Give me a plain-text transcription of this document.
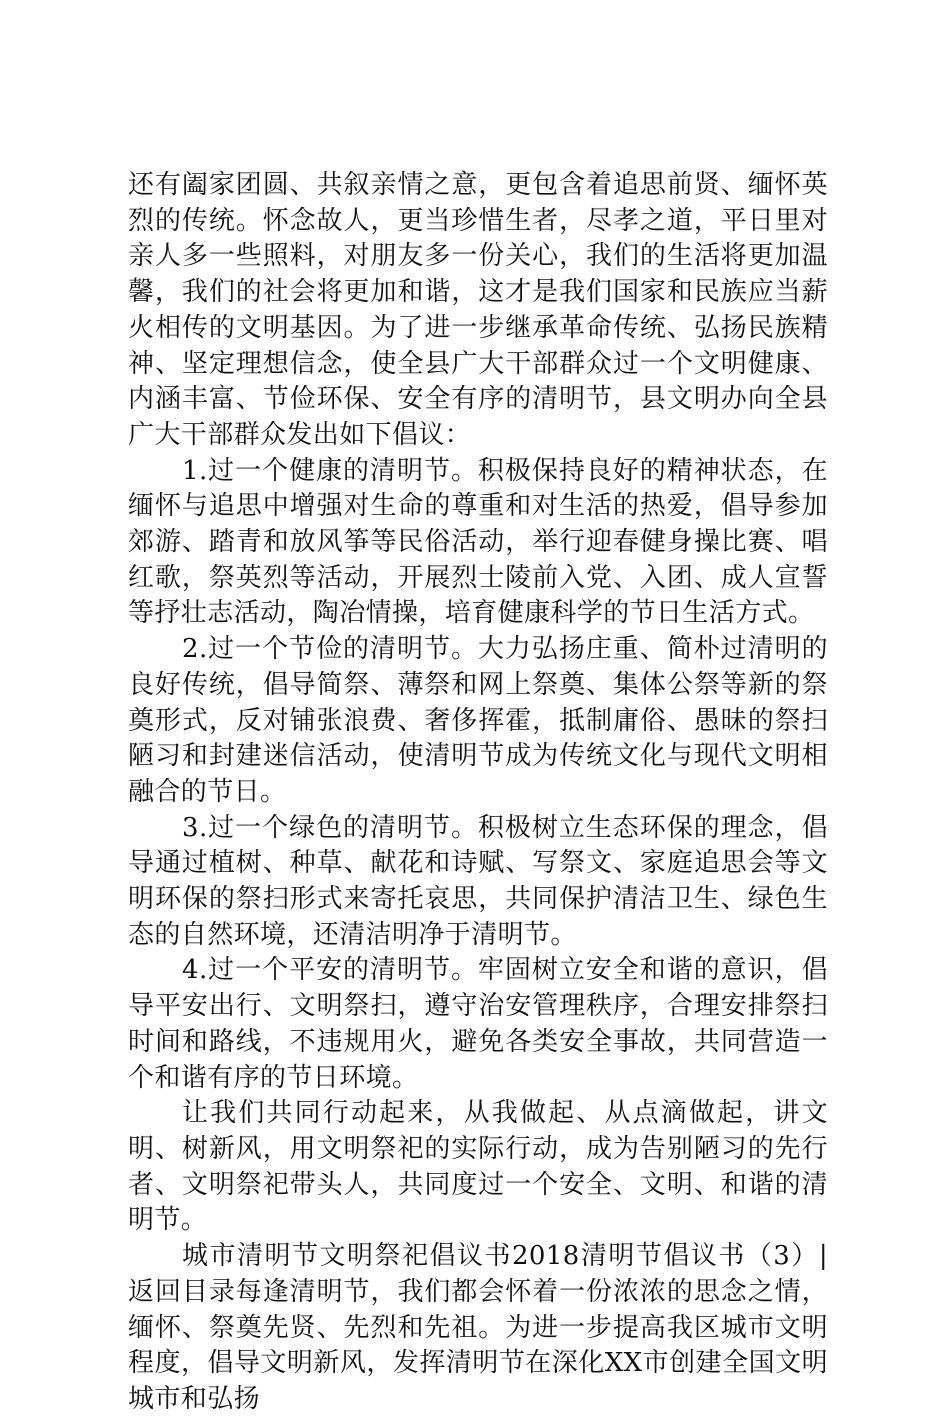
还有阖家团圆、共叙亲情之意，更包含着追思前贤、缅怀英烈的传统。怀念故人，更当珍惜生者，尽孝之道，平日里对亲人多一些照料，对朋友多一份关心，我们的生活将更加温馨，我们的社会将更加和谐，这才是我们国家和民族应当薪火相传的文明基因。为了进一步继承革命传统、弘扬民族精神、坚定理想信念，使全县广大干部群众过一个文明健康、内涵丰富、节俭环保、安全有序的清明节，县文明办向全县广大干部群众发出如下倡议：

1.过一个健康的清明节。积极保持良好的精神状态，在缅怀与追思中增强对生命的尊重和对生活的热爱，倡导参加郊游、踏青和放风筝等民俗活动，举行迎春健身操比赛、唱红歌，祭英烈等活动，开展烈士陵前入党、入团、成人宣誓等抒壮志活动，陶冶情操，培育健康科学的节日生活方式。

2.过一个节俭的清明节。大力弘扬庄重、简朴过清明的良好传统，倡导简祭、薄祭和网上祭奠、集体公祭等新的祭奠形式，反对铺张浪费、奢侈挥霍，抵制庸俗、愚昧的祭扫陋习和封建迷信活动，使清明节成为传统文化与现代文明相融合的节日。

3.过一个绿色的清明节。积极树立生态环保的理念，倡导通过植树、种草、献花和诗赋、写祭文、家庭追思会等文明环保的祭扫形式来寄托哀思，共同保护清洁卫生、绿色生态的自然环境，还清洁明净于清明节。

4.过一个平安的清明节。牢固树立安全和谐的意识，倡导平安出行、文明祭扫，遵守治安管理秩序，合理安排祭扫时间和路线，不违规用火，避免各类安全事故，共同营造一个和谐有序的节日环境。

让我们共同行动起来，从我做起、从点滴做起，讲文明、树新风，用文明祭祀的实际行动，成为告别陋习的先行者、文明祭祀带头人，共同度过一个安全、文明、和谐的清明节。

城市清明节文明祭祀倡议书2018清明节倡议书（3）|返回目录每逢清明节，我们都会怀着一份浓浓的思念之情，缅怀、祭奠先贤、先烈和先祖。为进一步提高我区城市文明程度，倡导文明新风，发挥清明节在深化XX市创建全国文明城市和弘扬
